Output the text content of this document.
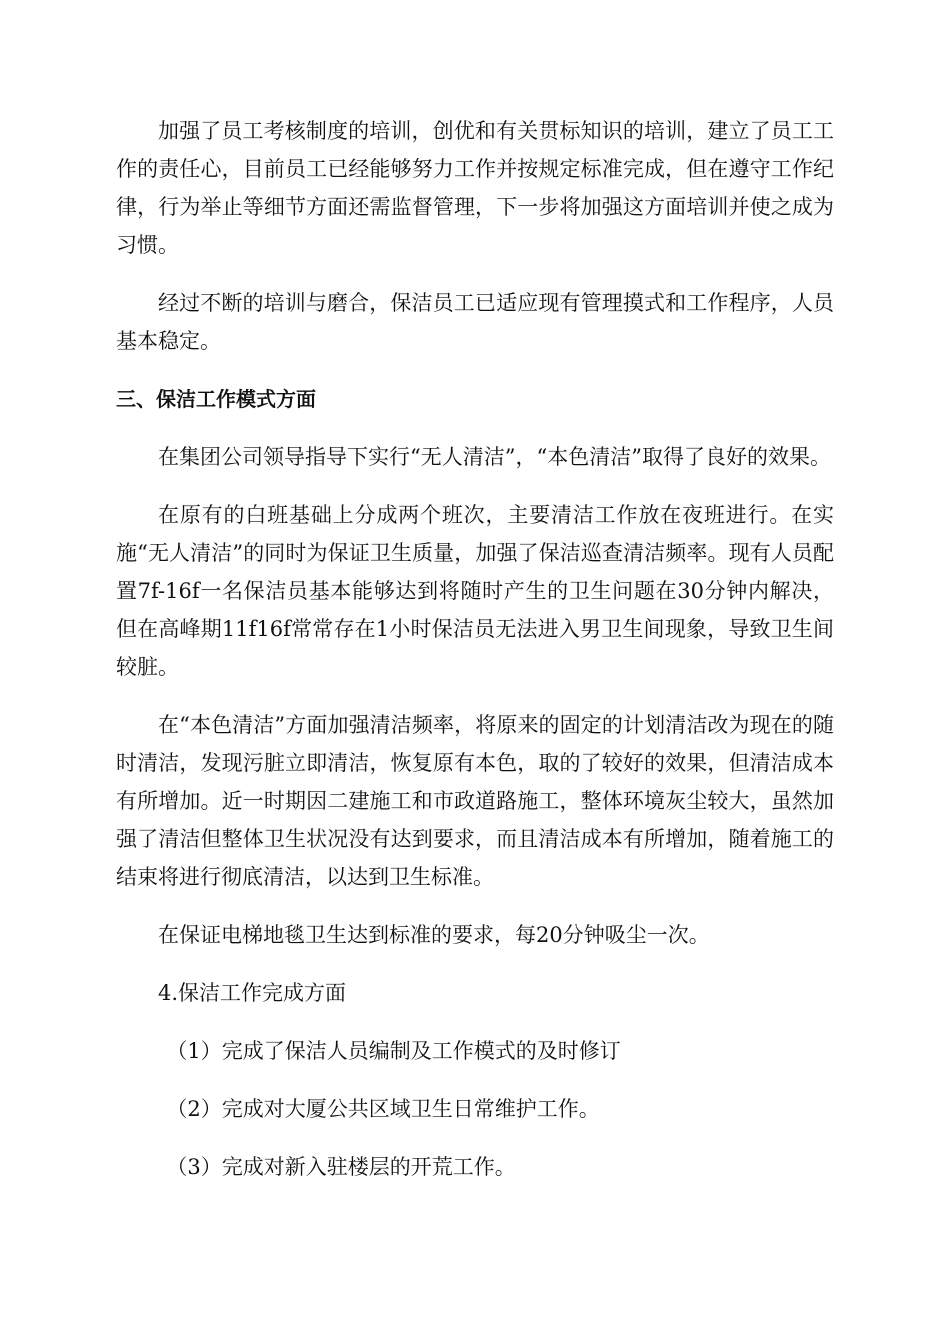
加强了员工考核制度的培训，创优和有关贯标知识的培训，建立了员工工作的责任心，目前员工已经能够努力工作并按规定标准完成，但在遵守工作纪律，行为举止等细节方面还需监督管理，下一步将加强这方面培训并使之成为习惯。

经过不断的培训与磨合，保洁员工已适应现有管理摸式和工作程序，人员基本稳定。

三、保洁工作模式方面

在集团公司领导指导下实行“无人清洁”，“本色清洁”取得了良好的效果。

在原有的白班基础上分成两个班次，主要清洁工作放在夜班进行。在实施“无人清洁”的同时为保证卫生质量，加强了保洁巡查清洁频率。现有人员配置7f-16f一名保洁员基本能够达到将随时产生的卫生问题在30分钟内解决，但在高峰期11f16f常常存在1小时保洁员无法进入男卫生间现象，导致卫生间较脏。

在“本色清洁”方面加强清洁频率，将原来的固定的计划清洁改为现在的随时清洁，发现污脏立即清洁，恢复原有本色，取的了较好的效果，但清洁成本有所增加。近一时期因二建施工和市政道路施工，整体环境灰尘较大，虽然加强了清洁但整体卫生状况没有达到要求，而且清洁成本有所增加，随着施工的结束将进行彻底清洁，以达到卫生标准。

在保证电梯地毯卫生达到标准的要求，每20分钟吸尘一次。

4.保洁工作完成方面
（1）完成了保洁人员编制及工作模式的及时修订
（2）完成对大厦公共区域卫生日常维护工作。
（3）完成对新入驻楼层的开荒工作。
